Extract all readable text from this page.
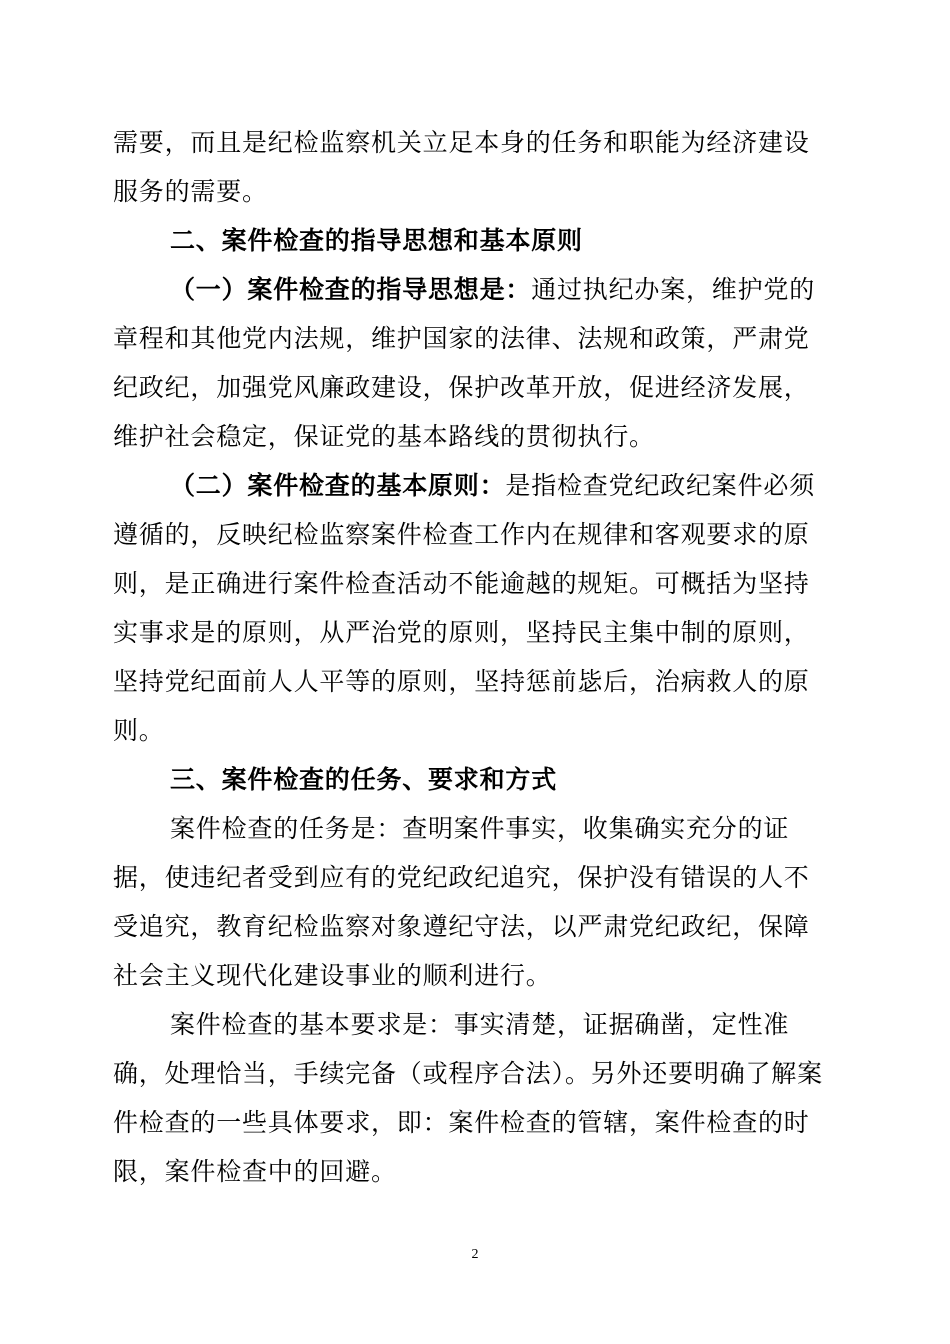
需要，而且是纪检监察机关立足本身的任务和职能为经济建设服务的需要。

二、案件检查的指导思想和基本原则

（一）案件检查的指导思想是：通过执纪办案，维护党的章程和其他党内法规，维护国家的法律、法规和政策，严肃党纪政纪，加强党风廉政建设，保护改革开放，促进经济发展，维护社会稳定，保证党的基本路线的贯彻执行。

（二）案件检查的基本原则：是指检查党纪政纪案件必须遵循的，反映纪检监察案件检查工作内在规律和客观要求的原则，是正确进行案件检查活动不能逾越的规矩。可概括为坚持实事求是的原则，从严治党的原则，坚持民主集中制的原则，坚持党纪面前人人平等的原则，坚持惩前毖后，治病救人的原则。

三、案件检查的任务、要求和方式

案件检查的任务是：查明案件事实，收集确实充分的证据，使违纪者受到应有的党纪政纪追究，保护没有错误的人不受追究，教育纪检监察对象遵纪守法，以严肃党纪政纪，保障社会主义现代化建设事业的顺利进行。

案件检查的基本要求是：事实清楚，证据确凿，定性准确，处理恰当，手续完备（或程序合法）。另外还要明确了解案件检查的一些具体要求，即：案件检查的管辖，案件检查的时限，案件检查中的回避。

2
